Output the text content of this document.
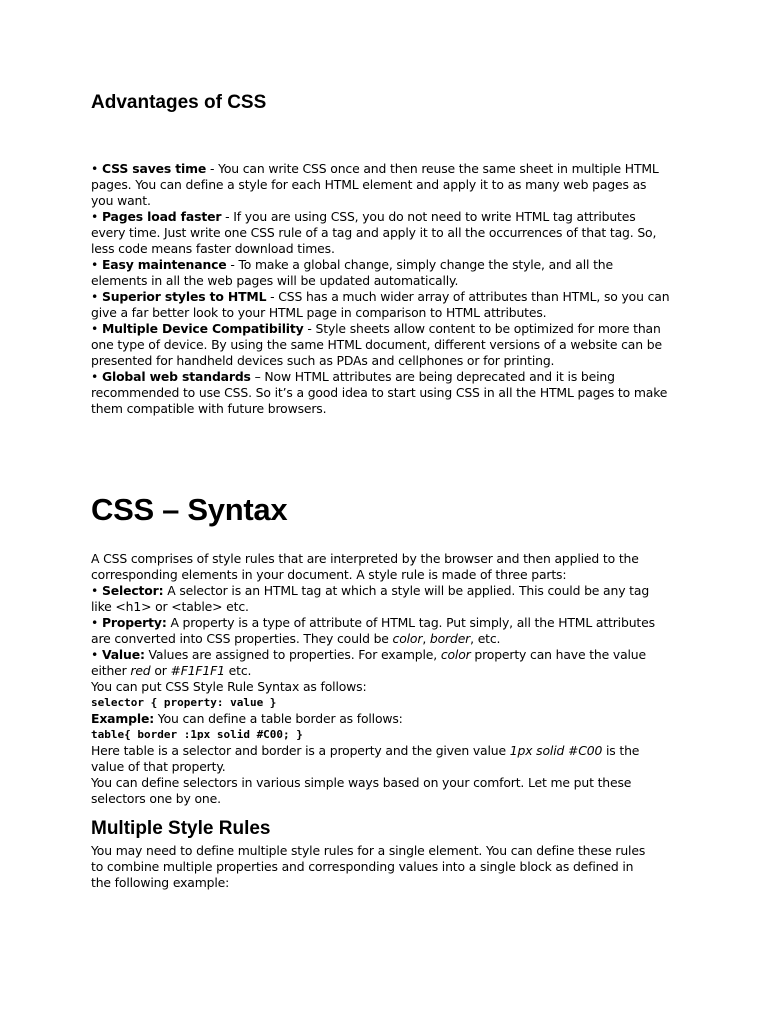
Advantages of CSS

• CSS saves time - You can write CSS once and then reuse the same sheet in multiple HTML pages. You can define a style for each HTML element and apply it to as many web pages as you want.

• Pages load faster - If you are using CSS, you do not need to write HTML tag attributes every time. Just write one CSS rule of a tag and apply it to all the occurrences of that tag. So, less code means faster download times.

• Easy maintenance - To make a global change, simply change the style, and all the elements in all the web pages will be updated automatically.

• Superior styles to HTML - CSS has a much wider array of attributes than HTML, so you can give a far better look to your HTML page in comparison to HTML attributes.

• Multiple Device Compatibility - Style sheets allow content to be optimized for more than one type of device. By using the same HTML document, different versions of a website can be presented for handheld devices such as PDAs and cellphones or for printing.

• Global web standards – Now HTML attributes are being deprecated and it is being recommended to use CSS. So it’s a good idea to start using CSS in all the HTML pages to make them compatible with future browsers.

CSS – Syntax

A CSS comprises of style rules that are interpreted by the browser and then applied to the corresponding elements in your document. A style rule is made of three parts:

• Selector: A selector is an HTML tag at which a style will be applied. This could be any tag like <h1> or <table> etc.

• Property: A property is a type of attribute of HTML tag. Put simply, all the HTML attributes are converted into CSS properties. They could be color, border, etc.

• Value: Values are assigned to properties. For example, color property can have the value either red or #F1F1F1 etc.

You can put CSS Style Rule Syntax as follows:

selector { property: value }

Example: You can define a table border as follows:

table{ border :1px solid #C00; }

Here table is a selector and border is a property and the given value 1px solid #C00 is the value of that property.

You can define selectors in various simple ways based on your comfort. Let me put these selectors one by one.

Multiple Style Rules

You may need to define multiple style rules for a single element. You can define these rules to combine multiple properties and corresponding values into a single block as defined in the following example:
